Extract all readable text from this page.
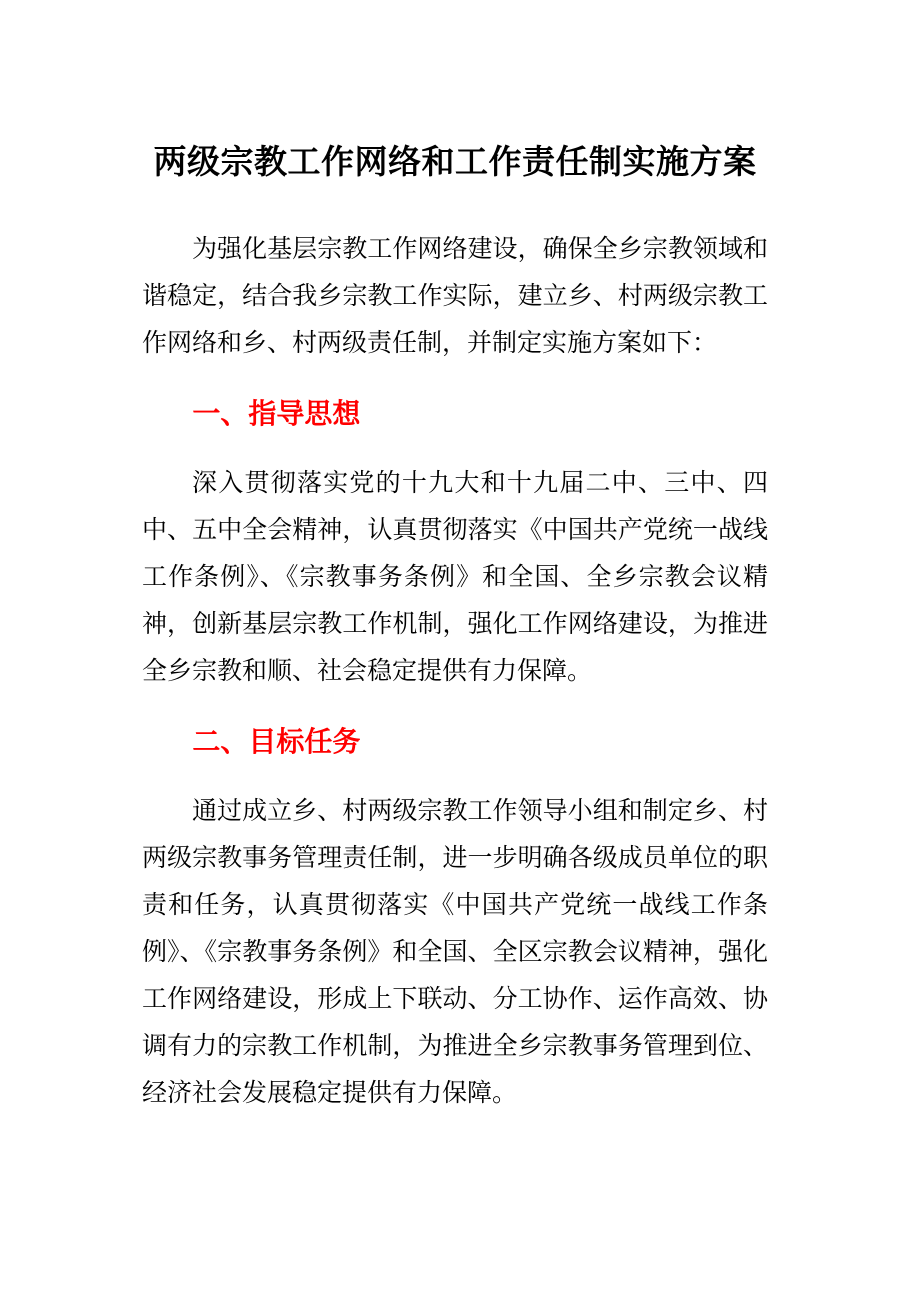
两级宗教工作网络和工作责任制实施方案
为强化基层宗教工作网络建设，确保全乡宗教领域和谐稳定，结合我乡宗教工作实际，建立乡、村两级宗教工作网络和乡、村两级责任制，并制定实施方案如下：
一、指导思想
深入贯彻落实党的十九大和十九届二中、三中、四中、五中全会精神，认真贯彻落实《中国共产党统一战线工作条例》、《宗教事务条例》和全国、全乡宗教会议精神，创新基层宗教工作机制，强化工作网络建设，为推进全乡宗教和顺、社会稳定提供有力保障。
二、目标任务
通过成立乡、村两级宗教工作领导小组和制定乡、村两级宗教事务管理责任制，进一步明确各级成员单位的职责和任务，认真贯彻落实《中国共产党统一战线工作条例》、《宗教事务条例》和全国、全区宗教会议精神，强化工作网络建设，形成上下联动、分工协作、运作高效、协调有力的宗教工作机制，为推进全乡宗教事务管理到位、经济社会发展稳定提供有力保障。
